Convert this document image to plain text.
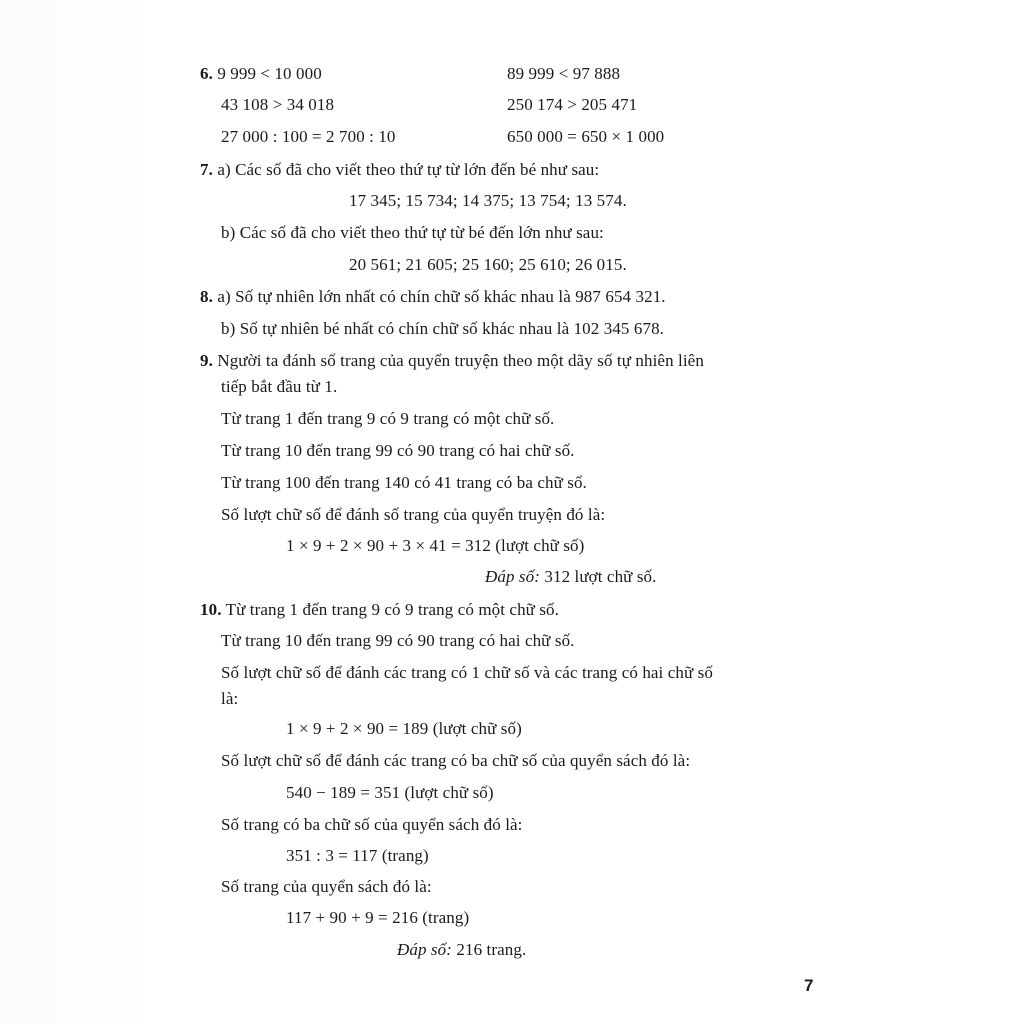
6. 9 999 < 10 000	89 999 < 97 888
43 108 > 34 018	250 174 > 205 471
27 000 : 100 = 2 700 : 10	650 000 = 650 × 1 000
7. a) Các số đã cho viết theo thứ tự từ lớn đến bé như sau:
17 345; 15 734; 14 375; 13 754; 13 574.
b) Các số đã cho viết theo thứ tự từ bé đến lớn như sau:
20 561; 21 605; 25 160; 25 610; 26 015.
8. a) Số tự nhiên lớn nhất có chín chữ số khác nhau là 987 654 321.
b) Số tự nhiên bé nhất có chín chữ số khác nhau là 102 345 678.
9. Người ta đánh số trang của quyển truyện theo một dãy số tự nhiên liên
tiếp bắt đầu từ 1.
Từ trang 1 đến trang 9 có 9 trang có một chữ số.
Từ trang 10 đến trang 99 có 90 trang có hai chữ số.
Từ trang 100 đến trang 140 có 41 trang có ba chữ số.
Số lượt chữ số để đánh số trang của quyển truyện đó là:
1 × 9 + 2 × 90 + 3 × 41 = 312 (lượt chữ số)
Đáp số: 312 lượt chữ số.
10. Từ trang 1 đến trang 9 có 9 trang có một chữ số.
Từ trang 10 đến trang 99 có 90 trang có hai chữ số.
Số lượt chữ số để đánh các trang có 1 chữ số và các trang có hai chữ số
là:
1 × 9 + 2 × 90 = 189 (lượt chữ số)
Số lượt chữ số để đánh các trang có ba chữ số của quyển sách đó là:
540 − 189 = 351 (lượt chữ số)
Số trang có ba chữ số của quyển sách đó là:
351 : 3 = 117 (trang)
Số trang của quyển sách đó là:
117 + 90 + 9 = 216 (trang)
Đáp số: 216 trang.
7
